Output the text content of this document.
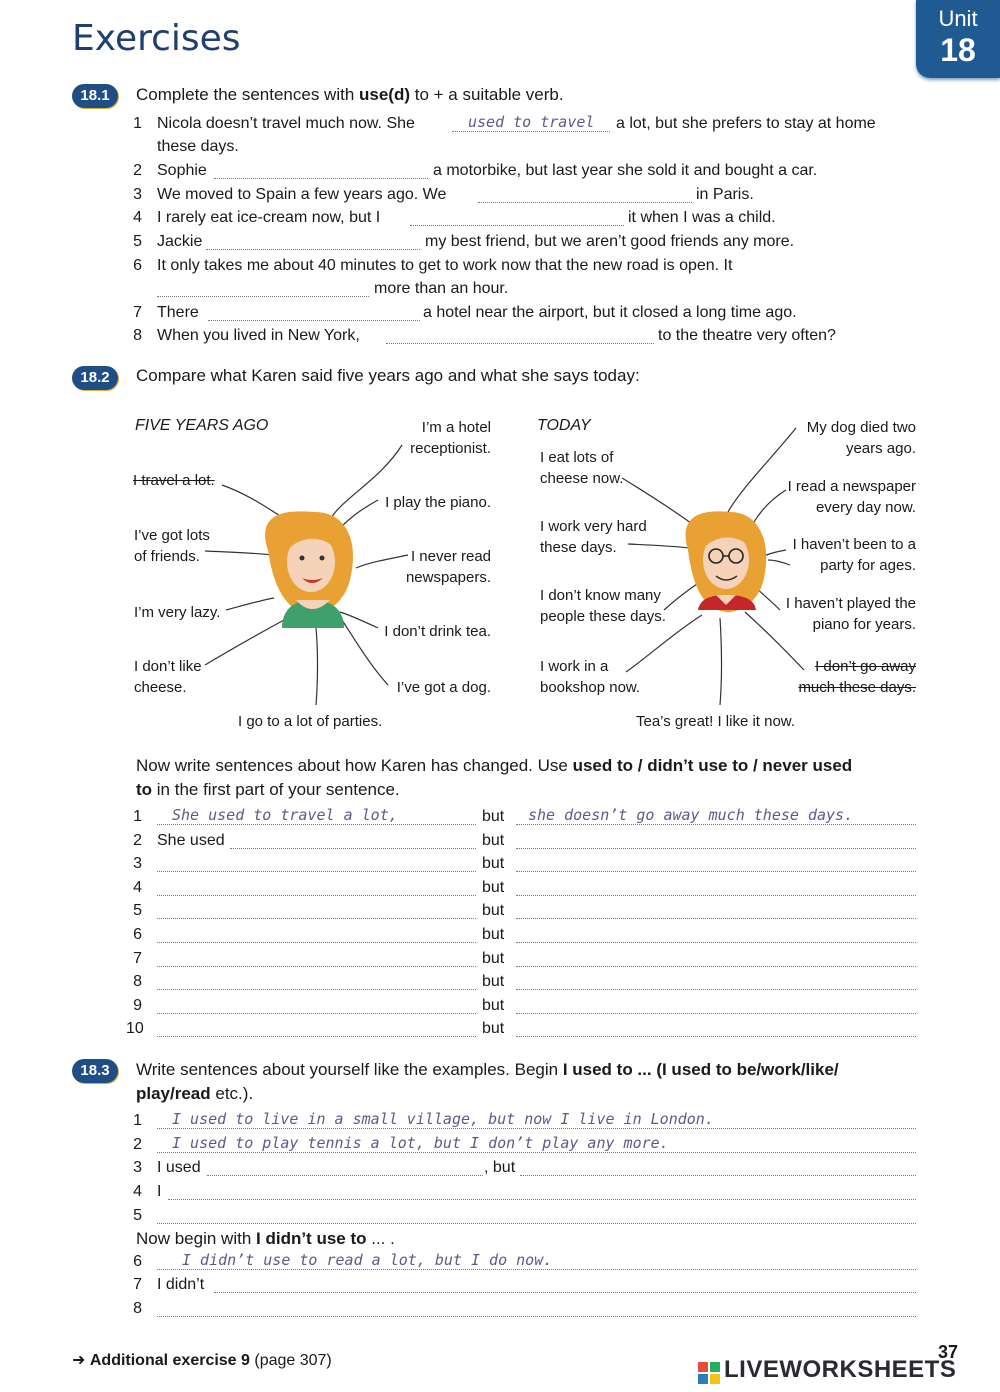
Exercises	Unit
18
18.1	Complete the sentences with use(d) to + a suitable verb.
1 Nicola doesn’t travel much now. She	used to travel a lot, but she prefers to stay at home
these days.
2 Sophie	a motorbike, but last year she sold it and bought a car.
3 We moved to Spain a few years ago. We	in Paris.
4 I rarely eat ice-cream now, but I	it when I was a child.
5 Jackie	my best friend, but we aren’t good friends any more.
6 It only takes me about 40 minutes to get to work now that the new road is open. It
more than an hour.
7 There	a hotel near the airport, but it closed a long time ago.
8 When you lived in New York,	to the theatre very often?
18.2	Compare what Karen said five years ago and what she says today:
FIVE YEARS AGO	I’m a hotel
receptionist.
I travel a lot.
I play the piano.
I’ve got lots
of friends.	I never read
newspapers.
I’m very lazy.
I don’t drink tea.
I don’t like
cheese.	I’ve got a dog.
I go to a lot of parties.
TODAY	My dog died two
years ago.
I eat lots of
cheese now.	I read a newspaper
every day now.
I work very hard
these days.	I haven’t been to a
party for ages.
I don’t know many
people these days.
I haven’t played the
piano for years.
I work in a
bookshop now.
I don’t go away
much these days.
Tea’s great! I like it now.
Now write sentences about how Karen has changed. Use used to / didn’t use to / never used
to in the first part of your sentence.
1 She used to travel a lot,	but she doesn’t go away much these days.
2 She used	but
3	but
4	but
5	but
6	but
7	but
8	but
9	but
10	but
18.3	Write sentences about yourself like the examples. Begin I used to ... (I used to be/work/like/
play/read etc.).
1 I used to live in a small village, but now I live in London.
2 I used to play tennis a lot, but I don’t play any more.
3 I used	, but
4 I
5
Now begin with I didn’t use to ... .
6	I didn’t use to read a lot, but I do now.
7 I didn’t
8
➜ Additional exercise 9 (page 307)	37
LIVEWORKSHEETS
